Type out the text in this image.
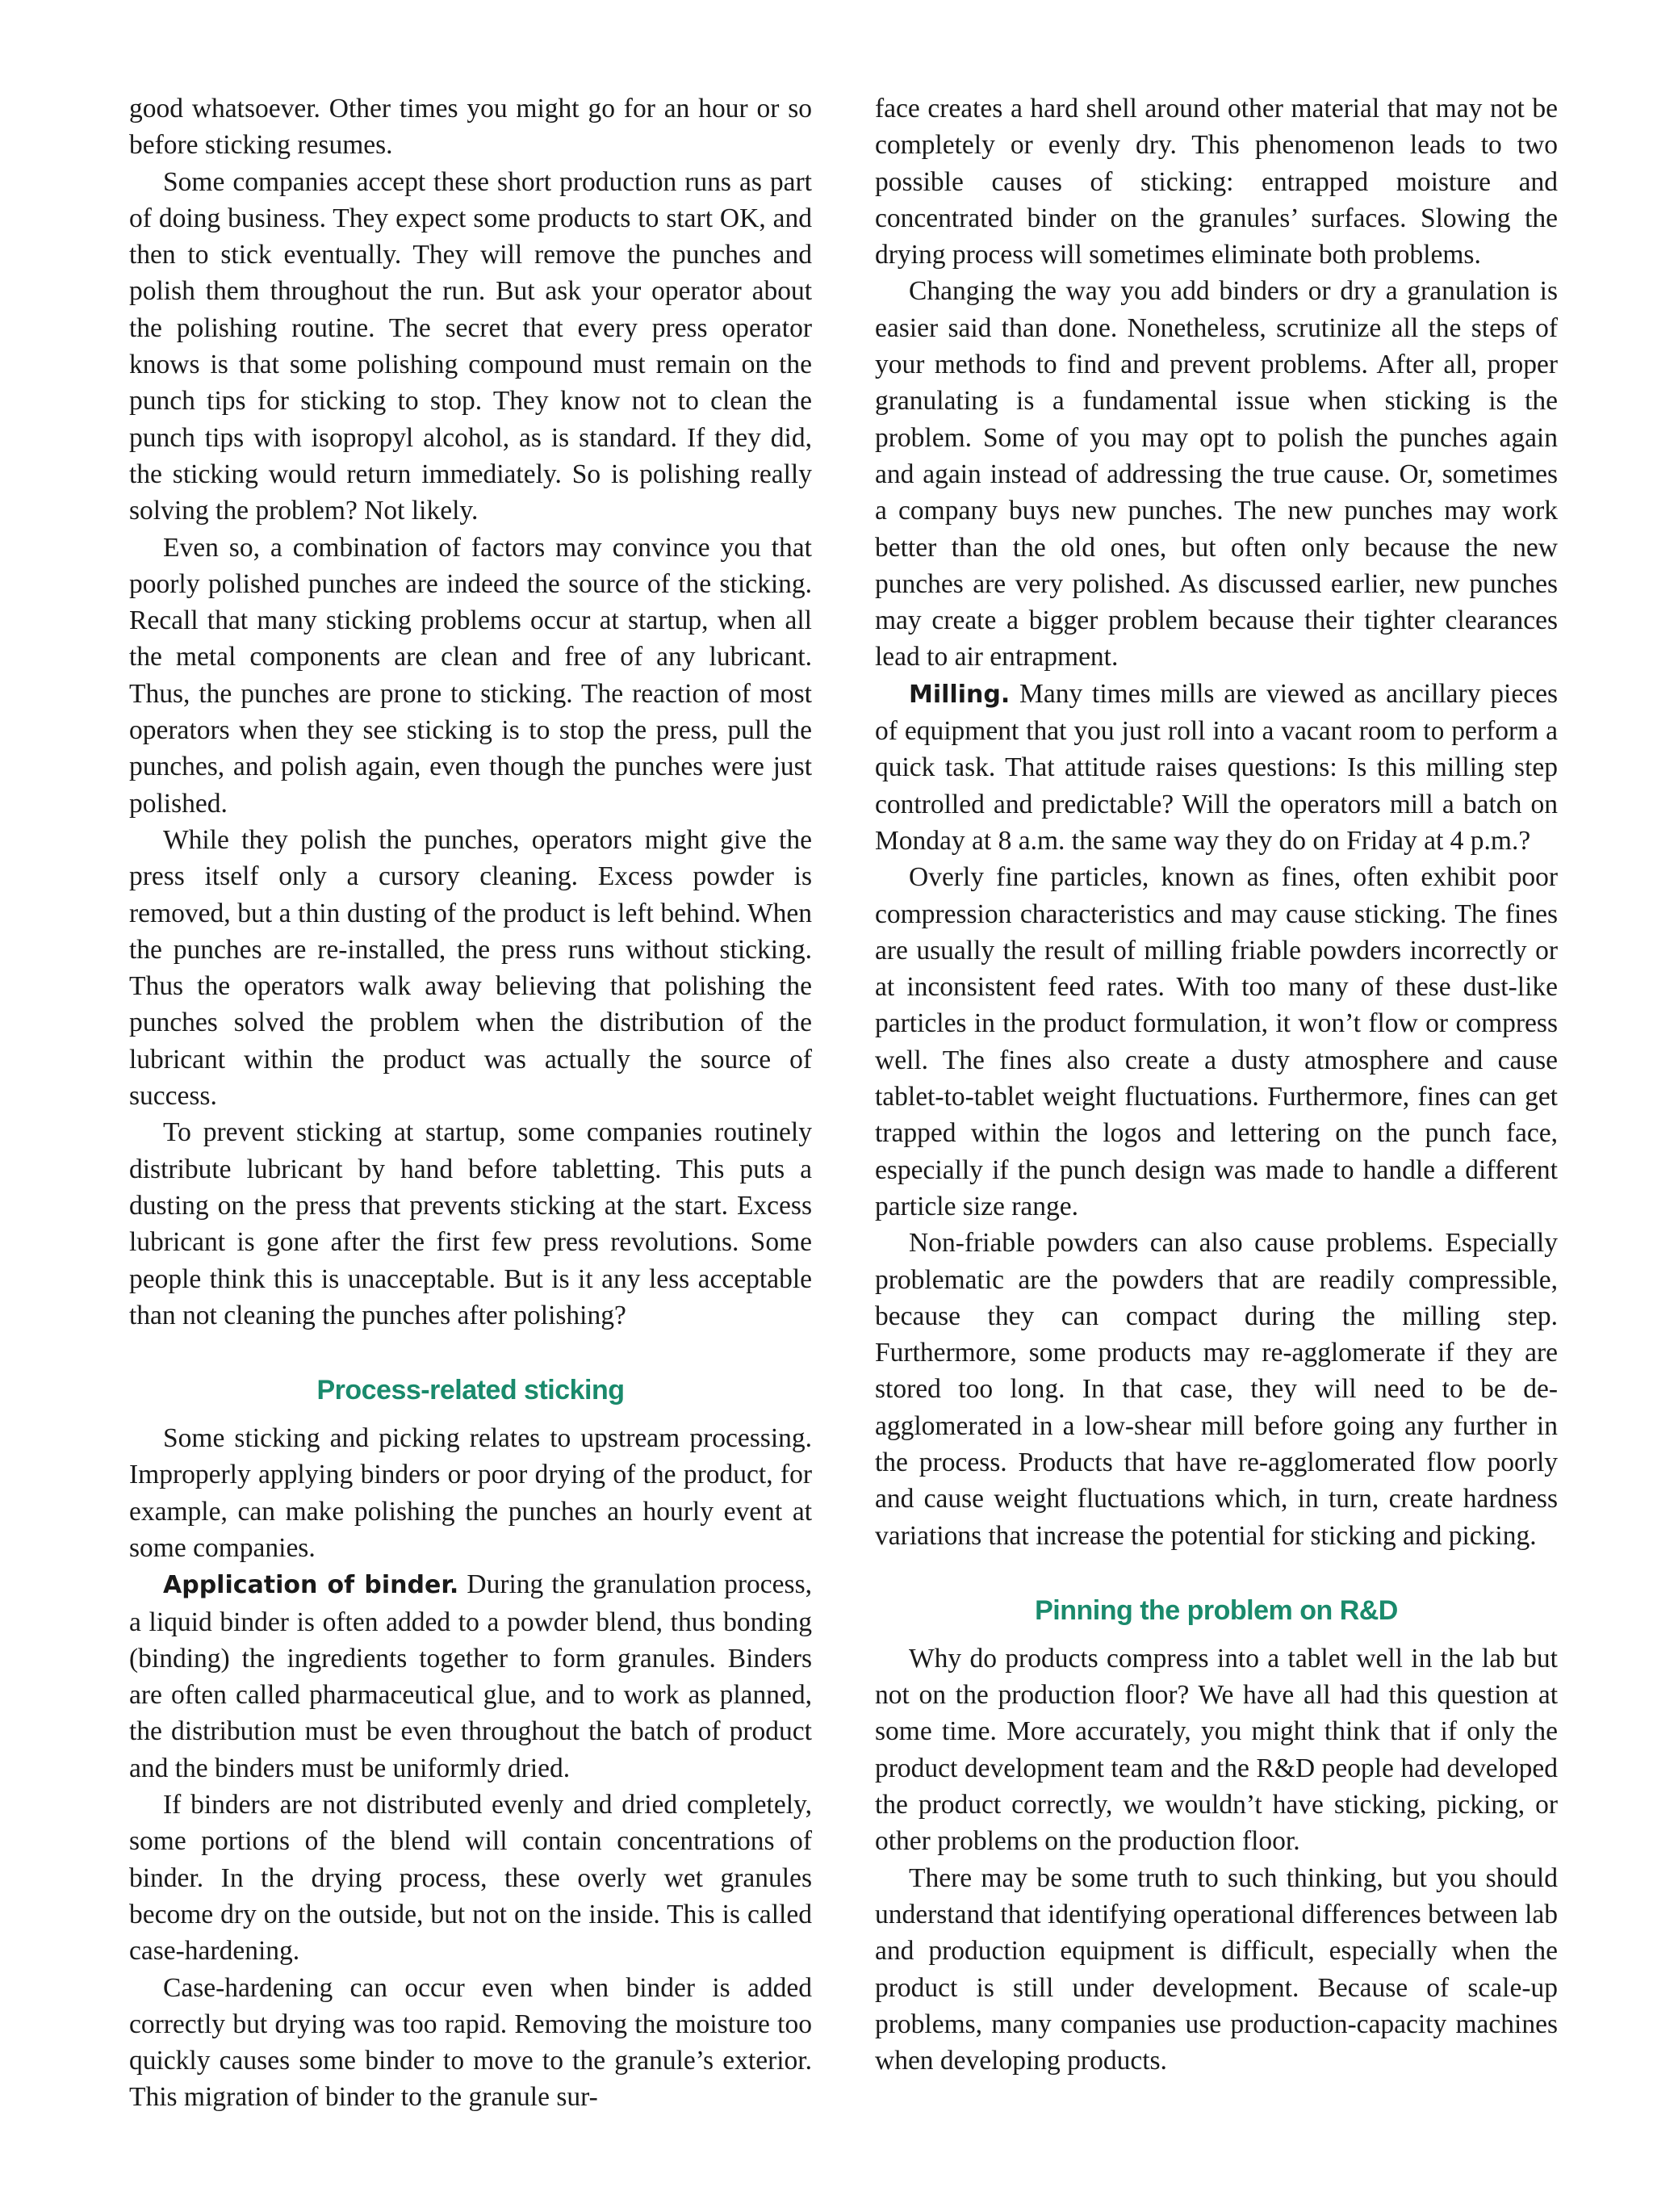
good whatsoever. Other times you might go for an hour or so before sticking resumes.

Some companies accept these short production runs as part of doing business. They expect some products to start OK, and then to stick eventually. They will remove the punches and polish them throughout the run. But ask your operator about the polishing routine. The secret that every press operator knows is that some polishing compound must remain on the punch tips for sticking to stop. They know not to clean the punch tips with isopropyl alcohol, as is standard. If they did, the sticking would return immediately. So is polishing really solving the problem? Not likely.

Even so, a combination of factors may convince you that poorly polished punches are indeed the source of the sticking. Recall that many sticking problems occur at startup, when all the metal components are clean and free of any lubricant. Thus, the punches are prone to sticking. The reaction of most operators when they see sticking is to stop the press, pull the punches, and polish again, even though the punches were just polished.

While they polish the punches, operators might give the press itself only a cursory cleaning. Excess powder is removed, but a thin dusting of the product is left behind. When the punches are re-installed, the press runs without sticking. Thus the operators walk away believing that polishing the punches solved the problem when the distribution of the lubricant within the product was actually the source of success.

To prevent sticking at startup, some companies routinely distribute lubricant by hand before tabletting. This puts a dusting on the press that prevents sticking at the start. Excess lubricant is gone after the first few press revolutions. Some people think this is unacceptable. But is it any less acceptable than not cleaning the punches after polishing?

Process-related sticking

Some sticking and picking relates to upstream processing. Improperly applying binders or poor drying of the product, for example, can make polishing the punches an hourly event at some companies.

Application of binder. During the granulation process, a liquid binder is often added to a powder blend, thus bonding (binding) the ingredients together to form granules. Binders are often called pharmaceutical glue, and to work as planned, the distribution must be even throughout the batch of product and the binders must be uniformly dried.

If binders are not distributed evenly and dried completely, some portions of the blend will contain concentrations of binder. In the drying process, these overly wet granules become dry on the outside, but not on the inside. This is called case-hardening.

Case-hardening can occur even when binder is added correctly but drying was too rapid. Removing the moisture too quickly causes some binder to move to the granule’s exterior. This migration of binder to the granule sur-

face creates a hard shell around other material that may not be completely or evenly dry. This phenomenon leads to two possible causes of sticking: entrapped moisture and concentrated binder on the granules’ surfaces. Slowing the drying process will sometimes eliminate both problems.

Changing the way you add binders or dry a granulation is easier said than done. Nonetheless, scrutinize all the steps of your methods to find and prevent problems. After all, proper granulating is a fundamental issue when sticking is the problem. Some of you may opt to polish the punches again and again instead of addressing the true cause. Or, sometimes a company buys new punches. The new punches may work better than the old ones, but often only because the new punches are very polished. As discussed earlier, new punches may create a bigger problem because their tighter clearances lead to air entrapment.

Milling. Many times mills are viewed as ancillary pieces of equipment that you just roll into a vacant room to perform a quick task. That attitude raises questions: Is this milling step controlled and predictable? Will the operators mill a batch on Monday at 8 a.m. the same way they do on Friday at 4 p.m.?

Overly fine particles, known as fines, often exhibit poor compression characteristics and may cause sticking. The fines are usually the result of milling friable powders incorrectly or at inconsistent feed rates. With too many of these dust-like particles in the product formulation, it won’t flow or compress well. The fines also create a dusty atmosphere and cause tablet-to-tablet weight fluctuations. Furthermore, fines can get trapped within the logos and lettering on the punch face, especially if the punch design was made to handle a different particle size range.

Non-friable powders can also cause problems. Especially problematic are the powders that are readily compressible, because they can compact during the milling step. Furthermore, some products may re-agglomerate if they are stored too long. In that case, they will need to be de-agglomerated in a low-shear mill before going any further in the process. Products that have re-agglomerated flow poorly and cause weight fluctuations which, in turn, create hardness variations that increase the potential for sticking and picking.

Pinning the problem on R&D

Why do products compress into a tablet well in the lab but not on the production floor? We have all had this question at some time. More accurately, you might think that if only the product development team and the R&D people had developed the product correctly, we wouldn’t have sticking, picking, or other problems on the production floor.

There may be some truth to such thinking, but you should understand that identifying operational differences between lab and production equipment is difficult, especially when the product is still under development. Because of scale-up problems, many companies use production-capacity machines when developing products.
